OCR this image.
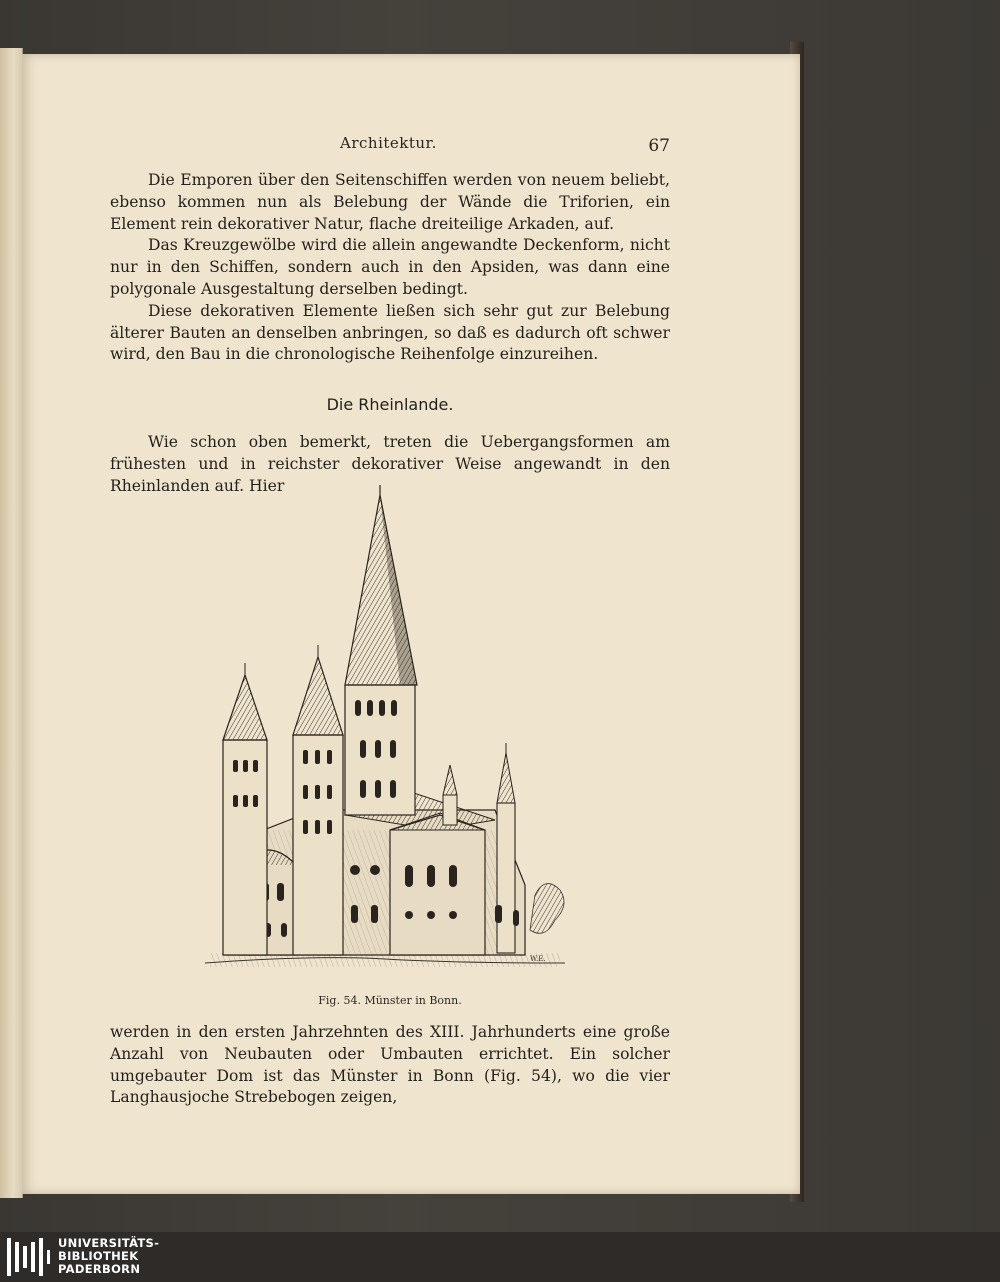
Architektur.	67

Die Emporen über den Seitenschiffen werden von neuem beliebt, ebenso kommen nun als Belebung der Wände die Triforien, ein Element rein dekorativer Natur, flache dreiteilige Arkaden, auf.

Das Kreuzgewölbe wird die allein angewandte Deckenform, nicht nur in den Schiffen, sondern auch in den Apsiden, was dann eine polygonale Ausgestaltung derselben bedingt.

Diese dekorativen Elemente ließen sich sehr gut zur Belebung älterer Bauten an denselben anbringen, so daß es dadurch oft schwer wird, den Bau in die chronologische Reihenfolge einzureihen.

Die Rheinlande.

Wie schon oben bemerkt, treten die Uebergangsformen am frühesten und in reichster dekorativer Weise angewandt in den Rheinlanden auf. Hier

W.E.
Fig. 54. Münster in Bonn.

werden in den ersten Jahrzehnten des XIII. Jahrhunderts eine große Anzahl von Neubauten oder Umbauten errichtet. Ein solcher umgebauter Dom ist das Münster in Bonn (Fig. 54), wo die vier Langhausjoche Strebebogen zeigen,

UNIVERSITÄTS-
BIBLIOTHEK
PADERBORN
